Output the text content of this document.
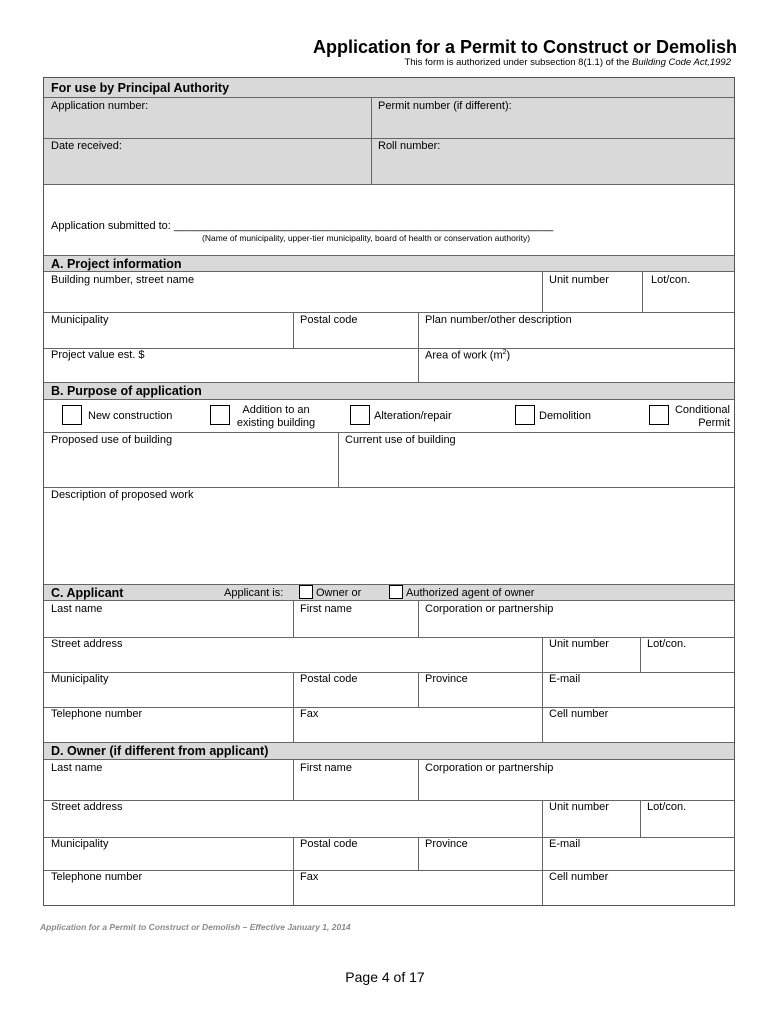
Application for a Permit to Construct or Demolish
This form is authorized under subsection 8(1.1) of the Building Code Act,1992
For use by Principal Authority
Application number:	Permit number (if different):
Date received:	Roll number:
Application submitted to: ______________________________________________________________
(Name of municipality, upper-tier municipality, board of health or conservation authority)
A. Project information
Building number, street name	Unit number	Lot/con.
Municipality	Postal code	Plan number/other description
Project value est. $	Area of work $(m^2)$
B. Purpose of application
New construction	Addition to an
existing building
Alteration/repair	Demolition	Conditional
Permit
Proposed use of building	Current use of building
Description of proposed work
C. Applicant	Applicant is:	Owner or	Authorized agent of owner
Last name	First name	Corporation or partnership
Street address	Unit number	Lot/con.
Municipality	Postal code	Province	E-mail
Telephone number	Fax	Cell number
D. Owner (if different from applicant)
Last name	First name	Corporation or partnership
Street address	Unit number	Lot/con.
Municipality	Postal code	Province	E-mail
Telephone number	Fax	Cell number
Application for a Permit to Construct or Demolish – Effective January 1, 2014
Page 4 of 17
